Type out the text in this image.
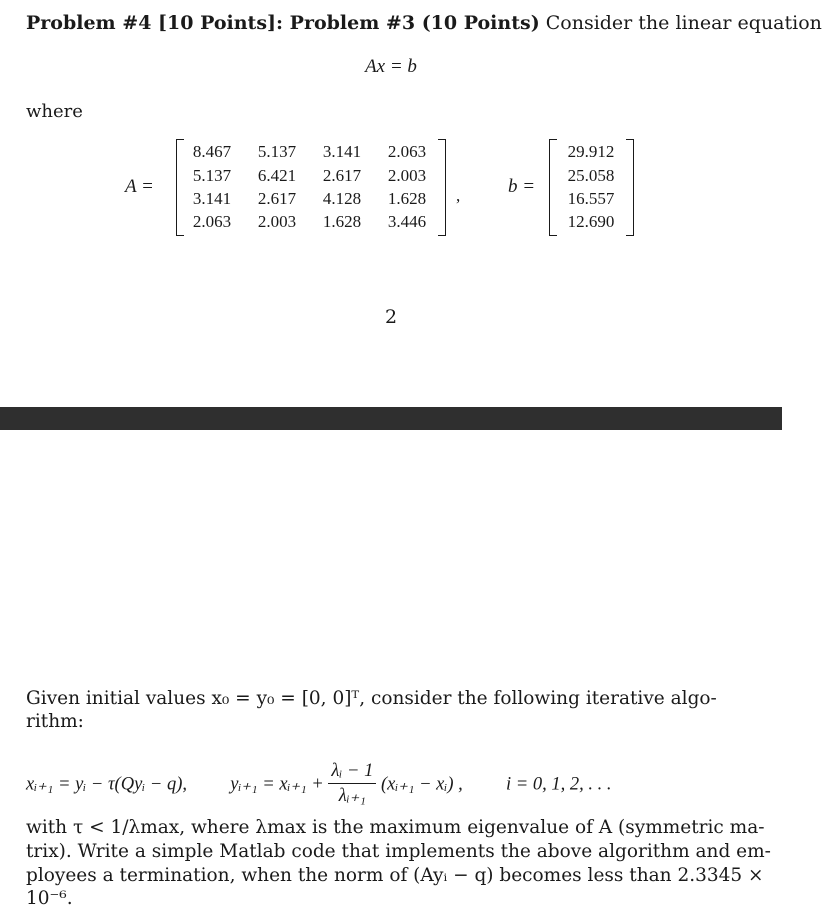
Problem #4 [10 Points]: Problem #3 (10 Points) Consider the linear equation
Ax = b
where
A =
8.467	5.137	3.141	2.063
5.137	6.421	2.617	2.003
3.141	2.617	4.128	1.628
2.063	2.003	1.628	3.446
,	b =
29.912
25.058
16.557
12.690
2
Given initial values x₀ = y₀ = [0, 0]ᵀ, consider the following iterative algo-
rithm:
xᵢ₊₁ = yᵢ − τ(Qyᵢ − q), yᵢ₊₁ = xᵢ₊₁ + $\frac{\text{λᵢ − 1}}{\text{λᵢ₊₁}}$ (xᵢ₊₁ − xᵢ) , i = 0, 1, 2, . . .
with τ < 1/λmax, where λmax is the maximum eigenvalue of A (symmetric ma-
trix). Write a simple Matlab code that implements the above algorithm and em-
ployees a termination, when the norm of (Ayᵢ − q) becomes less than 2.3345 ×
10⁻⁶.
